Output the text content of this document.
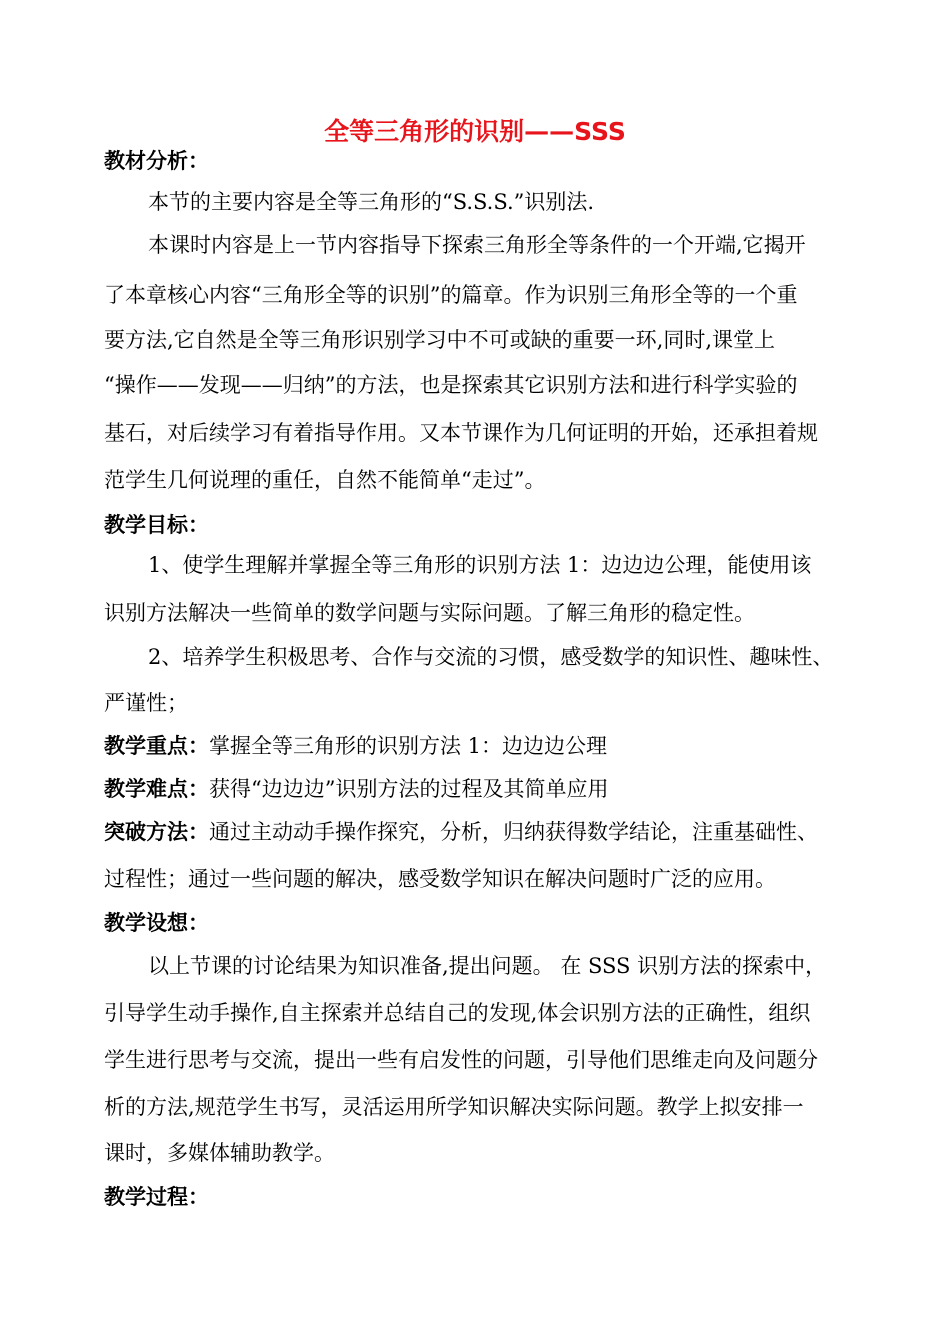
全等三角形的识别——SSS
教材分析：
本节的主要内容是全等三角形的“S.S.S.”识别法.
本课时内容是上一节内容指导下探索三角形全等条件的一个开端,它揭开
了本章核心内容“三角形全等的识别”的篇章。作为识别三角形全等的一个重
要方法,它自然是全等三角形识别学习中不可或缺的重要一环,同时,课堂上
“操作——发现——归纳”的方法，也是探索其它识别方法和进行科学实验的
基石，对后续学习有着指导作用。又本节课作为几何证明的开始，还承担着规
范学生几何说理的重任，自然不能简单“走过”。
教学目标：
1、使学生理解并掌握全等三角形的识别方法 1：边边边公理，能使用该
识别方法解决一些简单的数学问题与实际问题。了解三角形的稳定性。
2、培养学生积极思考、合作与交流的习惯，感受数学的知识性、趣味性、
严谨性；
教学重点：掌握全等三角形的识别方法 1：边边边公理
教学难点：获得“边边边”识别方法的过程及其简单应用
突破方法：通过主动动手操作探究，分析，归纳获得数学结论，注重基础性、
过程性；通过一些问题的解决，感受数学知识在解决问题时广泛的应用。
教学设想：
以上节课的讨论结果为知识准备,提出问题。 在 SSS 识别方法的探索中，
引导学生动手操作,自主探索并总结自己的发现,体会识别方法的正确性，组织
学生进行思考与交流，提出一些有启发性的问题，引导他们思维走向及问题分
析的方法,规范学生书写，灵活运用所学知识解决实际问题。教学上拟安排一
课时，多媒体辅助教学。
教学过程：
